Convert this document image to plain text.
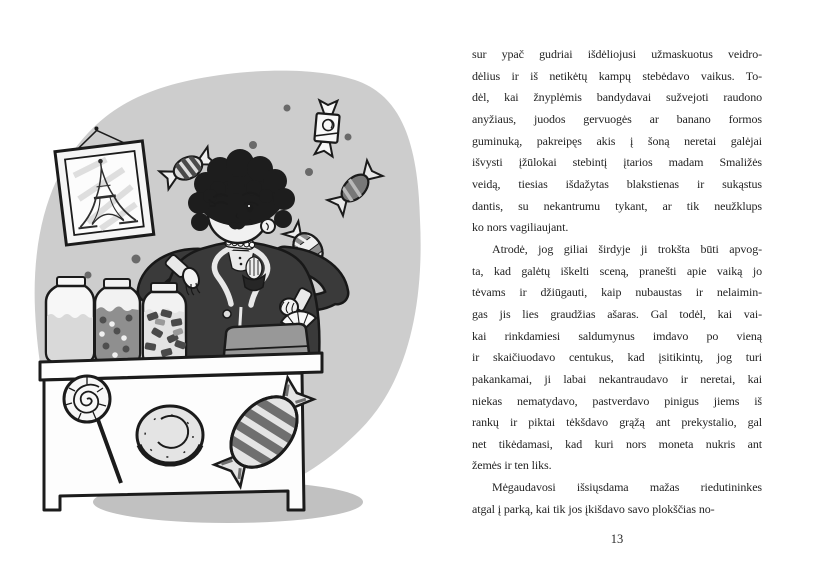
sur ypač gudriai išdėliojusi užmaskuotus veidro-
dėlius ir iš netikėtų kampų stebėdavo vaikus. To-
dėl, kai žnyplėmis bandydavai sužvejoti raudono
anyžiaus, juodos gervuogės ar banano formos
guminuką, pakreipęs akis į šoną neretai galėjai
išvysti įžūlokai stebintį įtarios madam Smaližės
veidą, tiesias išdažytas blakstienas ir sukąstus
dantis, su nekantrumu tykant, ar tik neužklups
ko nors vagiliaujant.
Atrodė, jog giliai širdyje ji trokšta būti apvog-
ta, kad galėtų iškelti sceną, pranešti apie vaiką jo
tėvams ir džiūgauti, kaip nubaustas ir nelaimin-
gas jis lies graudžias ašaras. Gal todėl, kai vai-
kai rinkdamiesi saldumynus imdavo po vieną
ir skaičiuodavo centukus, kad įsitikintų, jog turi
pakankamai, ji labai nekantraudavo ir neretai, kai
niekas nematydavo, pastverdavo pinigus jiems iš
rankų ir piktai tėkšdavo grąžą ant prekystalio, gal
net tikėdamasi, kad kuri nors moneta nukris ant
žemės ir ten liks.
Mėgaudavosi išsiųsdama mažas riedutininkes
atgal į parką, kai tik jos įkišdavo savo plokščias no-
13
